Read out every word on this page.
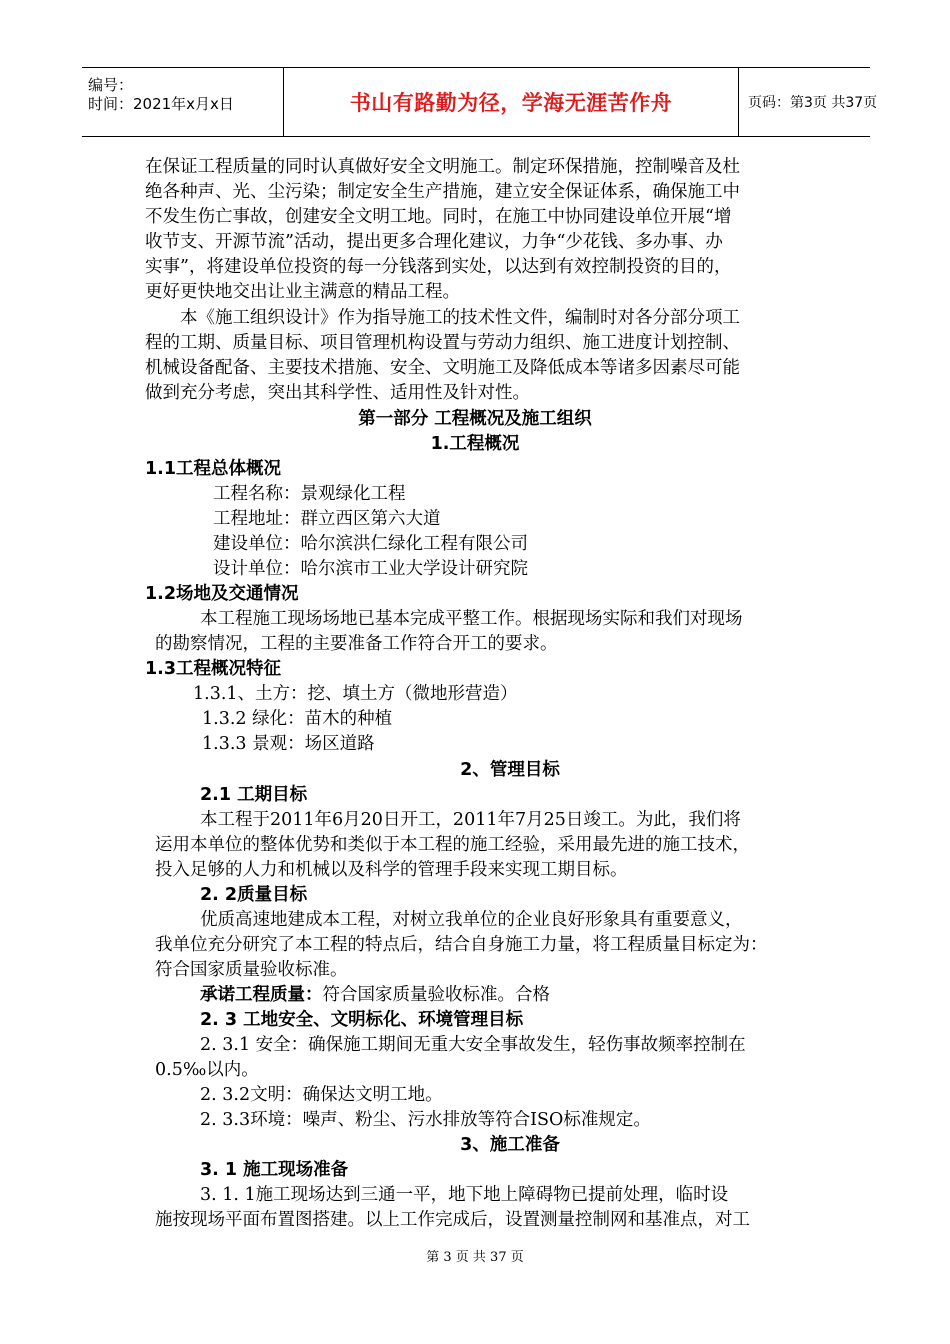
编号：
时间：2021年x月x日	书山有路勤为径，学海无涯苦作舟	页码：第3页 共37页
在保证工程质量的同时认真做好安全文明施工。制定环保措施，控制噪音及杜
绝各种声、光、尘污染；制定安全生产措施，建立安全保证体系，确保施工中
不发生伤亡事故，创建安全文明工地。同时，在施工中协同建设单位开展“增
收节支、开源节流”活动，提出更多合理化建议，力争“少花钱、多办事、办
实事”，将建设单位投资的每一分钱落到实处，以达到有效控制投资的目的，
更好更快地交出让业主满意的精品工程。
本《施工组织设计》作为指导施工的技术性文件，编制时对各分部分项工
程的工期、质量目标、项目管理机构设置与劳动力组织、施工进度计划控制、
机械设备配备、主要技术措施、安全、文明施工及降低成本等诸多因素尽可能
做到充分考虑，突出其科学性、适用性及针对性。
第一部分 工程概况及施工组织
1.工程概况
1.1工程总体概况
工程名称：景观绿化工程
工程地址：群立西区第六大道
建设单位：哈尔滨洪仁绿化工程有限公司
设计单位：哈尔滨市工业大学设计研究院
1.2场地及交通情况
本工程施工现场场地已基本完成平整工作。根据现场实际和我们对现场
的勘察情况，工程的主要准备工作符合开工的要求。
1.3工程概况特征
1.3.1、土方：挖、填土方（微地形营造）
1.3.2 绿化：苗木的种植
1.3.3 景观：场区道路
2、管理目标
2.1 工期目标
本工程于2011年6月20日开工，2011年7月25日竣工。为此，我们将
运用本单位的整体优势和类似于本工程的施工经验，采用最先进的施工技术，
投入足够的人力和机械以及科学的管理手段来实现工期目标。
2. 2质量目标
优质高速地建成本工程，对树立我单位的企业良好形象具有重要意义，
我单位充分研究了本工程的特点后，结合自身施工力量，将工程质量目标定为：
符合国家质量验收标准。
承诺工程质量：符合国家质量验收标准。合格
2. 3 工地安全、文明标化、环境管理目标
2. 3.1 安全：确保施工期间无重大安全事故发生，轻伤事故频率控制在
0.5‰以内。
2. 3.2文明：确保达文明工地。
2. 3.3环境：噪声、粉尘、污水排放等符合ISO标准规定。
3、施工准备
3. 1 施工现场准备
3. 1. 1施工现场达到三通一平，地下地上障碍物已提前处理，临时设
施按现场平面布置图搭建。以上工作完成后，设置测量控制网和基准点，对工
第 3 页 共 37 页
